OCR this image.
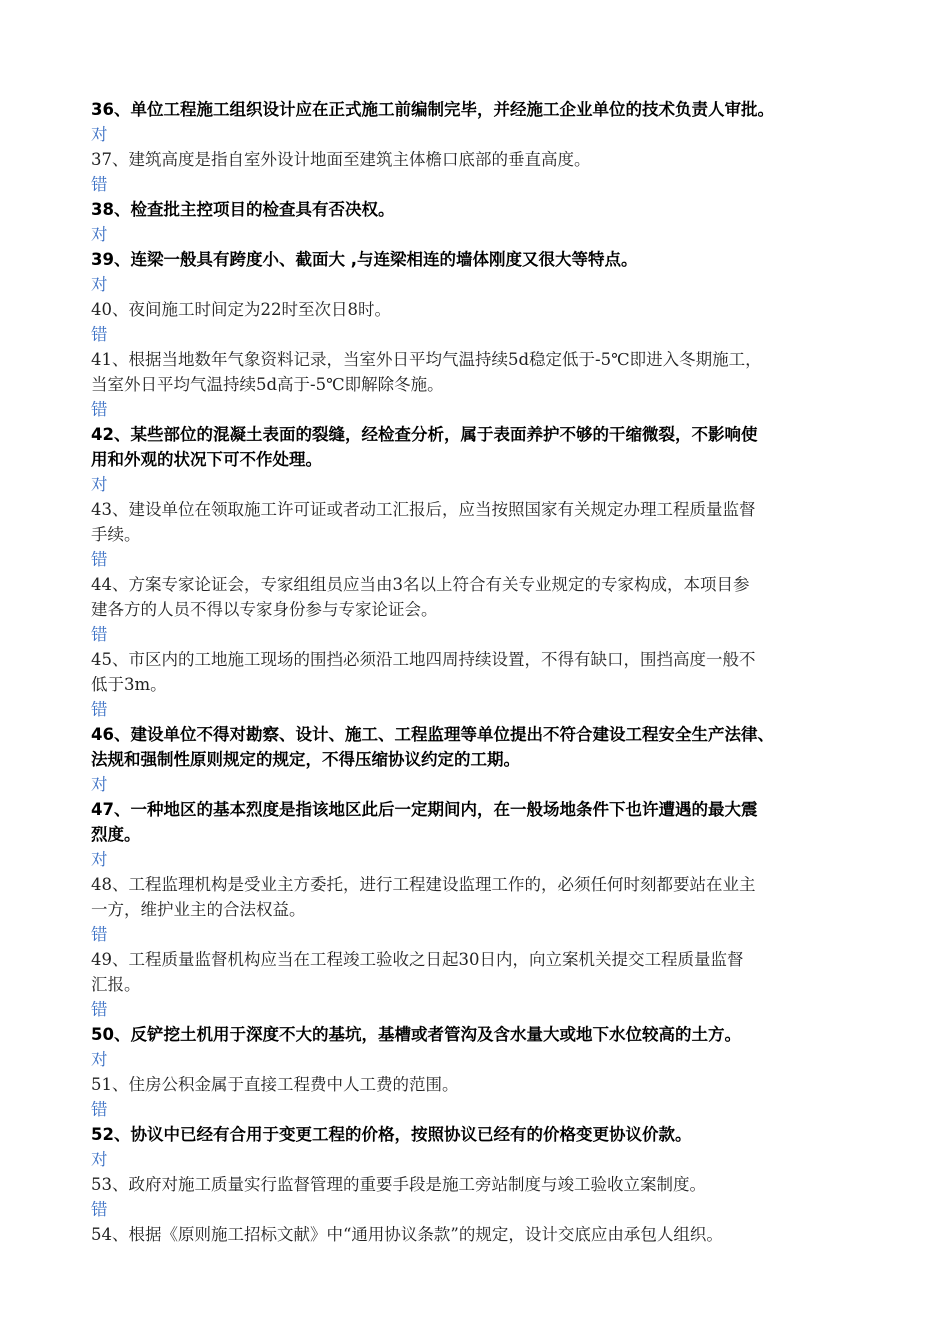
36、单位工程施工组织设计应在正式施工前编制完毕，并经施工企业单位的技术负责人审批。
对
37、建筑高度是指自室外设计地面至建筑主体檐口底部的垂直高度。
错
38、检查批主控项目的检查具有否决权。
对
39、连梁一般具有跨度小、截面大 ,与连梁相连的墙体刚度又很大等特点。
对
40、夜间施工时间定为22时至次日8时。
错
41、根据当地数年气象资料记录，当室外日平均气温持续5d稳定低于-5℃即进入冬期施工，
当室外日平均气温持续5d高于-5℃即解除冬施。
错
42、某些部位的混凝土表面的裂缝，经检查分析，属于表面养护不够的干缩微裂，不影响使
用和外观的状况下可不作处理。
对
43、建设单位在领取施工许可证或者动工汇报后，应当按照国家有关规定办理工程质量监督
手续。
错
44、方案专家论证会，专家组组员应当由3名以上符合有关专业规定的专家构成，本项目参
建各方的人员不得以专家身份参与专家论证会。
错
45、市区内的工地施工现场的围挡必须沿工地四周持续设置，不得有缺口，围挡高度一般不
低于3m。
错
46、建设单位不得对勘察、设计、施工、工程监理等单位提出不符合建设工程安全生产法律、
法规和强制性原则规定的规定，不得压缩协议约定的工期。
对
47、一种地区的基本烈度是指该地区此后一定期间内，在一般场地条件下也许遭遇的最大震
烈度。
对
48、工程监理机构是受业主方委托，进行工程建设监理工作的，必须任何时刻都要站在业主
一方，维护业主的合法权益。
错
49、工程质量监督机构应当在工程竣工验收之日起30日内，向立案机关提交工程质量监督
汇报。
错
50、反铲挖土机用于深度不大的基坑，基槽或者管沟及含水量大或地下水位较高的土方。
对
51、住房公积金属于直接工程费中人工费的范围。
错
52、协议中已经有合用于变更工程的价格，按照协议已经有的价格变更协议价款。
对
53、政府对施工质量实行监督管理的重要手段是施工旁站制度与竣工验收立案制度。
错
54、根据《原则施工招标文献》中“通用协议条款”的规定，设计交底应由承包人组织。
